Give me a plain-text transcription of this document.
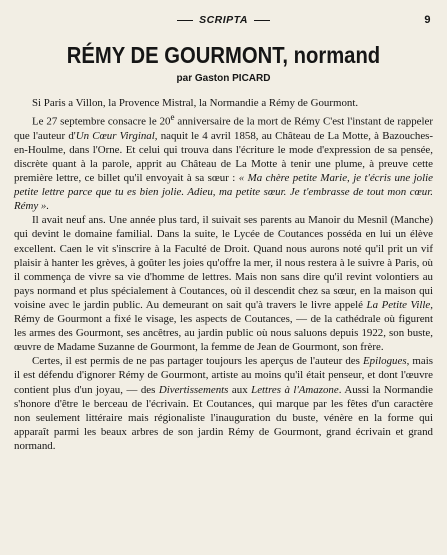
SCRIPTA	9
RÉMY DE GOURMONT, normand
par Gaston PICARD

Si Paris a Villon, la Provence Mistral, la Normandie a Rémy de Gourmont.

Le 27 septembre consacre le 20e anniversaire de la mort de Rémy C'est l'instant de rappeler que l'auteur d'Un Cœur Virginal, naquit le 4 avril 1858, au Château de La Motte, à Bazouches-en-Houlme, dans l'Orne. Et celui qui trouva dans l'écriture le mode d'expression de sa pensée, discrète quant à la parole, apprit au Château de La Motte à tenir une plume, à preuve cette première lettre, ce billet qu'il envoyait à sa sœur : « Ma chère petite Marie, je t'écris une jolie petite lettre parce que tu es bien jolie. Adieu, ma petite sœur. Je t'embrasse de tout mon cœur. Rémy ».

Il avait neuf ans. Une année plus tard, il suivait ses parents au Manoir du Mesnil (Manche) qui devint le domaine familial. Dans la suite, le Lycée de Coutances posséda en lui un élève excellent. Caen le vit s'inscrire à la Faculté de Droit. Quand nous aurons noté qu'il prit un vif plaisir à hanter les grèves, à goûter les joies qu'offre la mer, il nous restera à le suivre à Paris, où il commença de vivre sa vie d'homme de lettres. Mais non sans dire qu'il revint volontiers au pays normand et plus spécialement à Coutances, où il descendit chez sa sœur, en la maison qui voisine avec le jardin public. Au demeurant on sait qu'à travers le livre appelé La Petite Ville, Rémy de Gourmont a fixé le visage, les aspects de Coutances, — de la cathédrale où figurent les armes des Gourmont, ses ancêtres, au jardin public où nous saluons depuis 1922, son buste, œuvre de Madame Suzanne de Gourmont, la femme de Jean de Gourmont, son frère.

Certes, il est permis de ne pas partager toujours les aperçus de l'auteur des Epilogues, mais il est défendu d'ignorer Rémy de Gourmont, artiste au moins qu'il était penseur, et dont l'œuvre contient plus d'un joyau, — des Divertissements aux Lettres à l'Amazone. Aussi la Normandie s'honore d'être le berceau de l'écrivain. Et Coutances, qui marque par les fêtes d'un caractère non seulement littéraire mais régionaliste l'inauguration du buste, vénère en la forme qui apparaît parmi les beaux arbres de son jardin Rémy de Gourmont, grand écrivain et grand normand.
